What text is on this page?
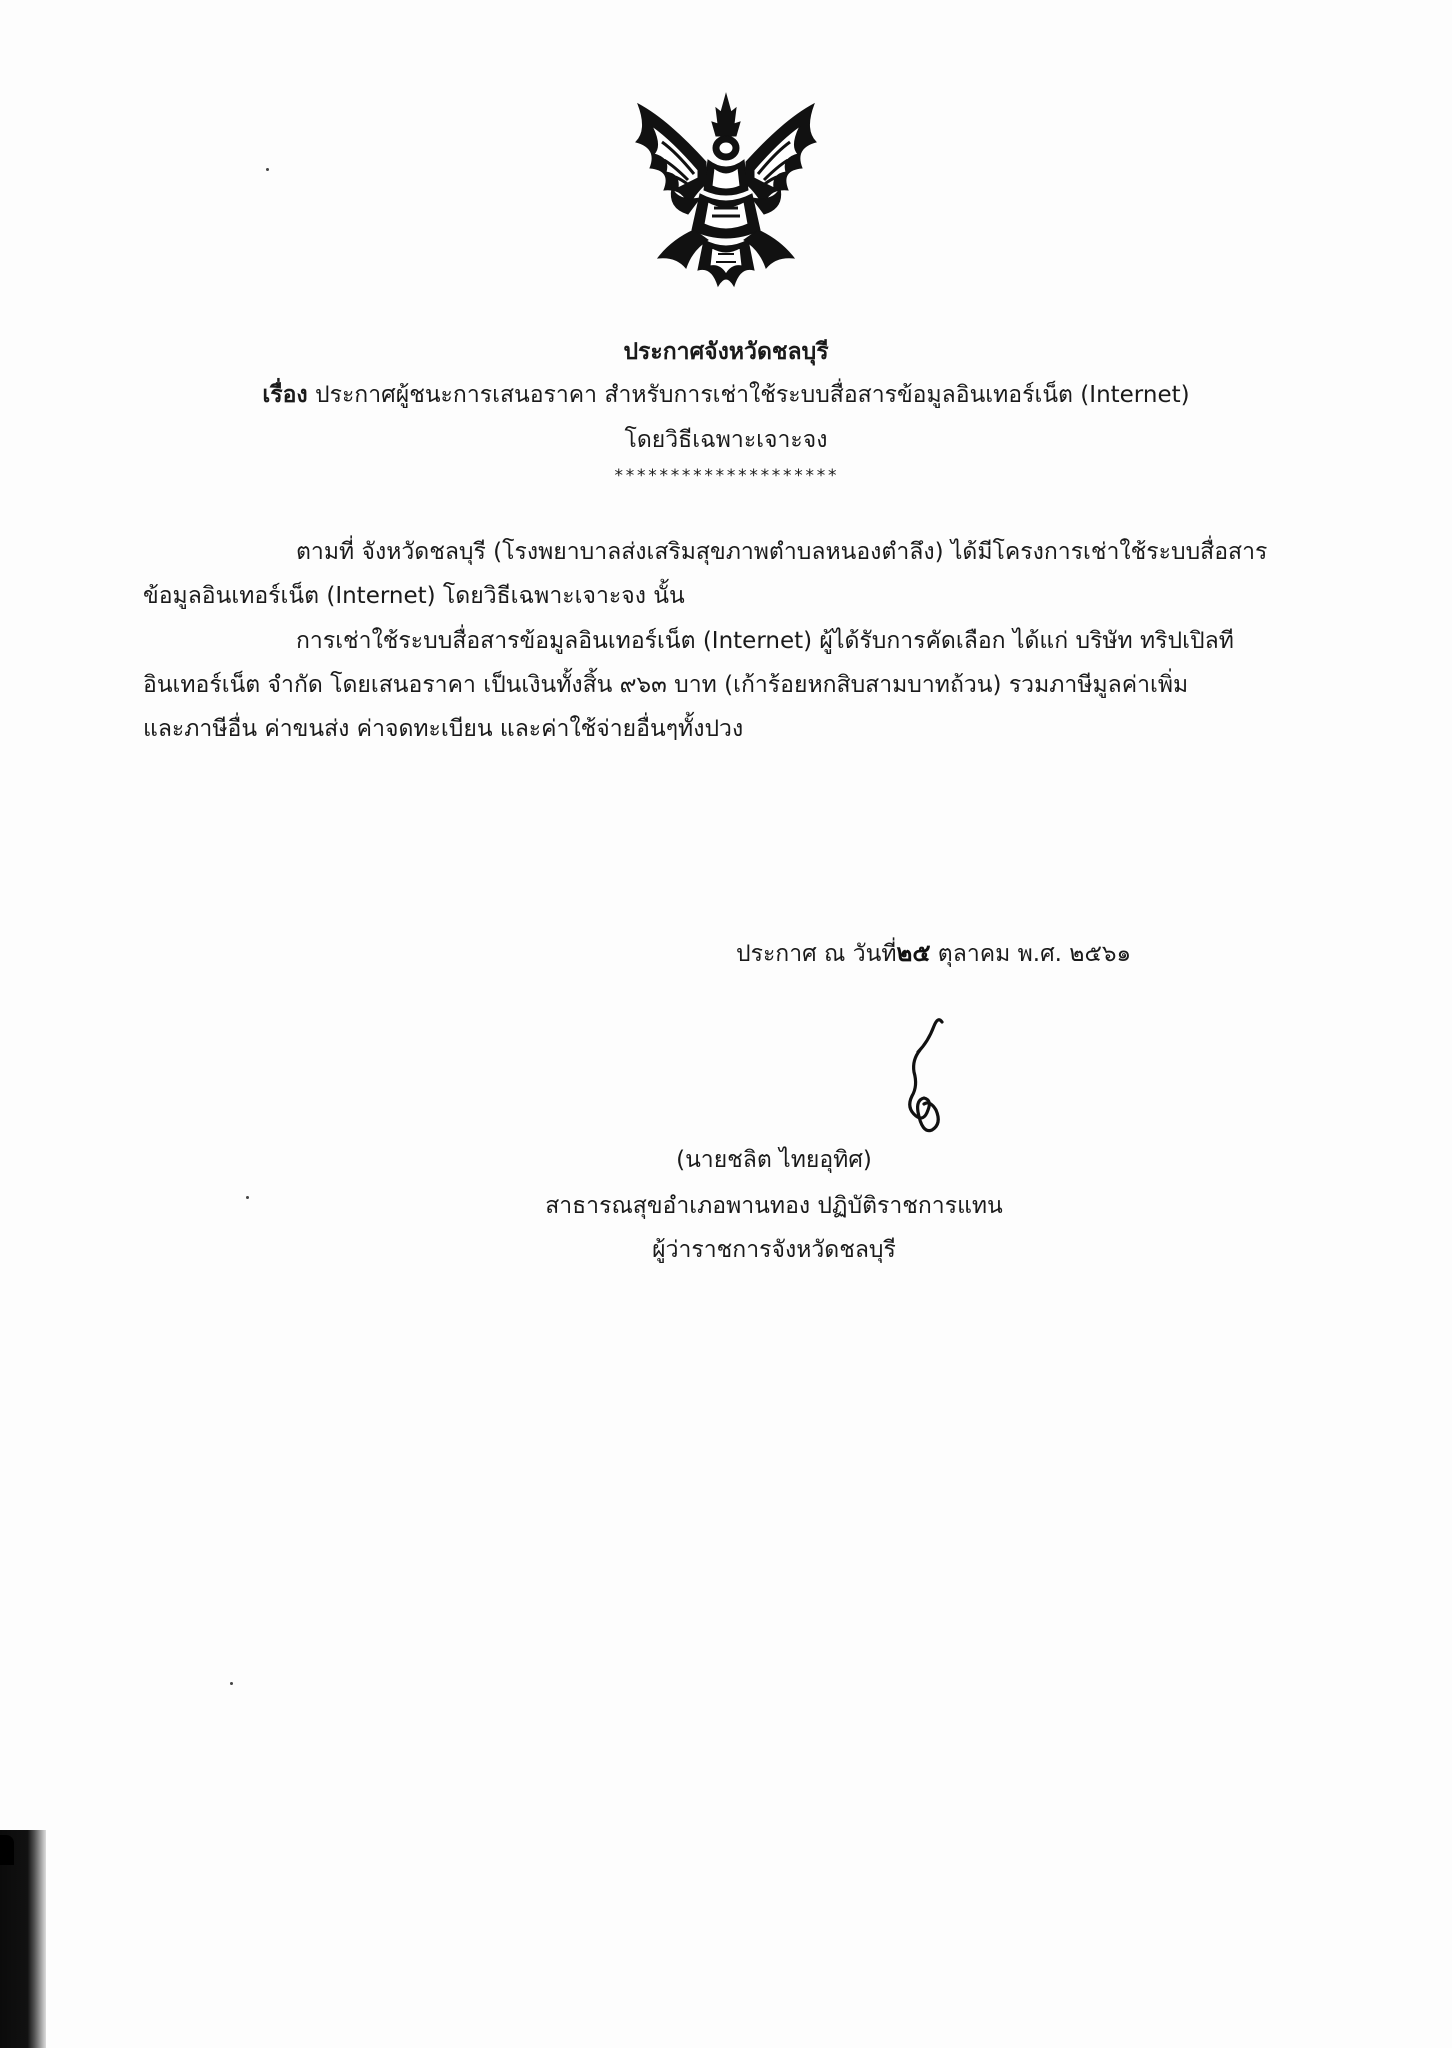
ประกาศจังหวัดชลบุรี
เรื่อง ประกาศผู้ชนะการเสนอราคา สำหรับการเช่าใช้ระบบสื่อสารข้อมูลอินเทอร์เน็ต (Internet)
โดยวิธีเฉพาะเจาะจง
********************
ตามที่ จังหวัดชลบุรี (โรงพยาบาลส่งเสริมสุขภาพตำบลหนองตำลึง) ได้มีโครงการเช่าใช้ระบบสื่อสาร
ข้อมูลอินเทอร์เน็ต (Internet) โดยวิธีเฉพาะเจาะจง นั้น
การเช่าใช้ระบบสื่อสารข้อมูลอินเทอร์เน็ต (Internet) ผู้ได้รับการคัดเลือก ได้แก่ บริษัท ทริปเปิลที
อินเทอร์เน็ต จำกัด โดยเสนอราคา เป็นเงินทั้งสิ้น ๙๖๓ บาท (เก้าร้อยหกสิบสามบาทถ้วน) รวมภาษีมูลค่าเพิ่ม
และภาษีอื่น ค่าขนส่ง ค่าจดทะเบียน และค่าใช้จ่ายอื่นๆทั้งปวง
ประกาศ ณ วันที่๒๕ ตุลาคม พ.ศ. ๒๕๖๑
(นายชลิต ไทยอุทิศ)
สาธารณสุขอำเภอพานทอง ปฏิบัติราชการแทน
ผู้ว่าราชการจังหวัดชลบุรี
